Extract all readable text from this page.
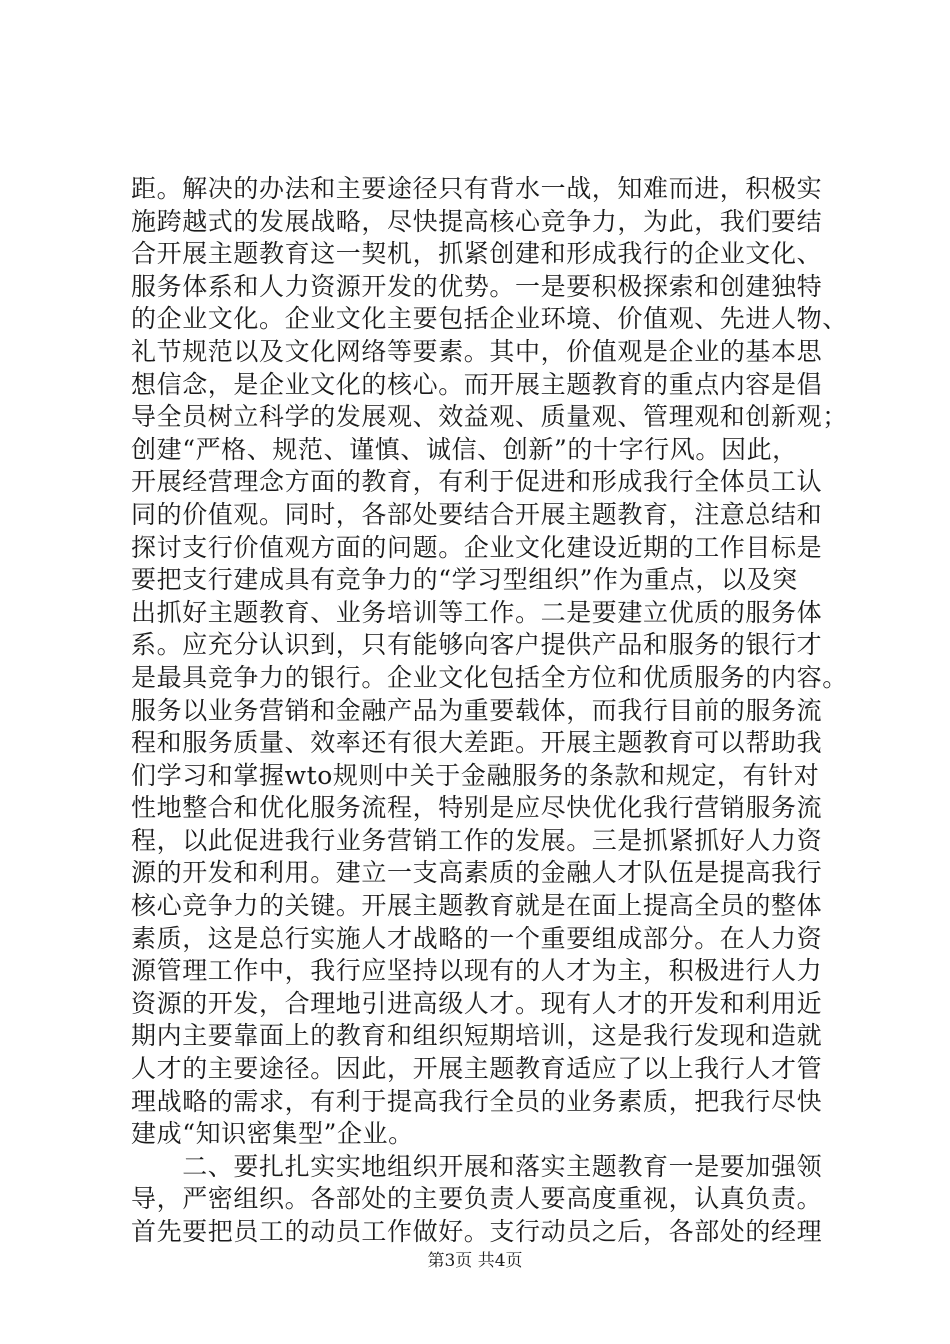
距。解决的办法和主要途径只有背水一战，知难而进，积极实
施跨越式的发展战略，尽快提高核心竞争力，为此，我们要结
合开展主题教育这一契机，抓紧创建和形成我行的企业文化、
服务体系和人力资源开发的优势。一是要积极探索和创建独特
的企业文化。企业文化主要包括企业环境、价值观、先进人物、
礼节规范以及文化网络等要素。其中，价值观是企业的基本思
想信念，是企业文化的核心。而开展主题教育的重点内容是倡
导全员树立科学的发展观、效益观、质量观、管理观和创新观；
创建“严格、规范、谨慎、诚信、创新”的十字行风。因此，
开展经营理念方面的教育，有利于促进和形成我行全体员工认
同的价值观。同时，各部处要结合开展主题教育，注意总结和
探讨支行价值观方面的问题。企业文化建设近期的工作目标是
要把支行建成具有竞争力的“学习型组织”作为重点，以及突
出抓好主题教育、业务培训等工作。二是要建立优质的服务体
系。应充分认识到，只有能够向客户提供产品和服务的银行才
是最具竞争力的银行。企业文化包括全方位和优质服务的内容。
服务以业务营销和金融产品为重要载体，而我行目前的服务流
程和服务质量、效率还有很大差距。开展主题教育可以帮助我
们学习和掌握wto规则中关于金融服务的条款和规定，有针对
性地整合和优化服务流程，特别是应尽快优化我行营销服务流
程，以此促进我行业务营销工作的发展。三是抓紧抓好人力资
源的开发和利用。建立一支高素质的金融人才队伍是提高我行
核心竞争力的关键。开展主题教育就是在面上提高全员的整体
素质，这是总行实施人才战略的一个重要组成部分。在人力资
源管理工作中，我行应坚持以现有的人才为主，积极进行人力
资源的开发，合理地引进高级人才。现有人才的开发和利用近
期内主要靠面上的教育和组织短期培训，这是我行发现和造就
人才的主要途径。因此，开展主题教育适应了以上我行人才管
理战略的需求，有利于提高我行全员的业务素质，把我行尽快
建成“知识密集型”企业。
　　二、要扎扎实实地组织开展和落实主题教育一是要加强领
导，严密组织。各部处的主要负责人要高度重视，认真负责。
首先要把员工的动员工作做好。支行动员之后，各部处的经理
第3页 共4页
